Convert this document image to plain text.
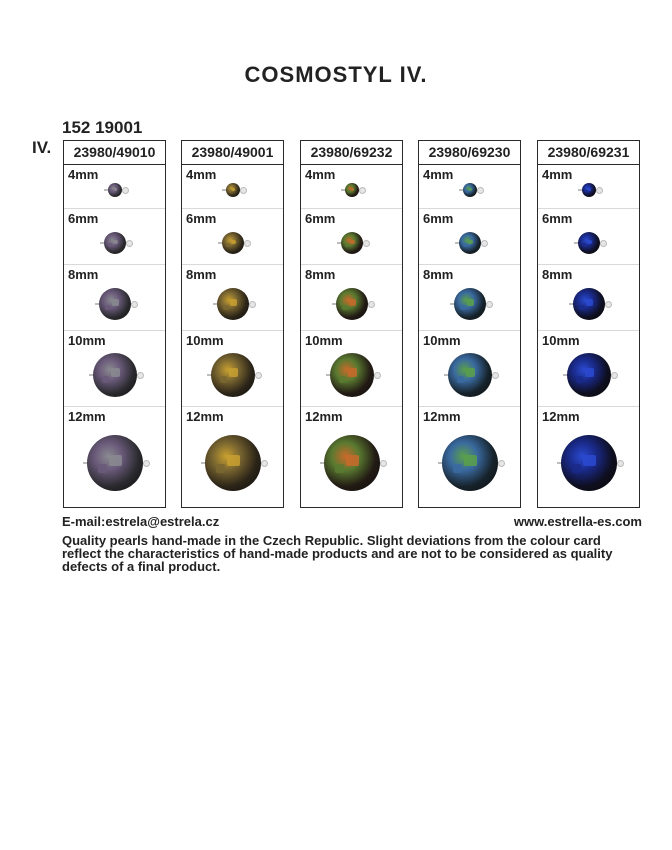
COSMOSTYL IV.
152 19001
IV.	23980/49010
4mm
6mm
8mm
10mm
12mm
23980/49001
4mm
6mm
8mm
10mm
12mm
23980/69232
4mm
6mm
8mm
10mm
12mm
23980/69230
4mm
6mm
8mm
10mm
12mm
23980/69231
4mm
6mm
8mm
10mm
12mm
E-mail:estrela@estrela.cz	www.estrella-es.com
Quality pearls hand-made in the Czech Republic. Slight deviations from the colour card
reflect the characteristics of hand-made products and are not to be considered as quality
defects of a final product.
